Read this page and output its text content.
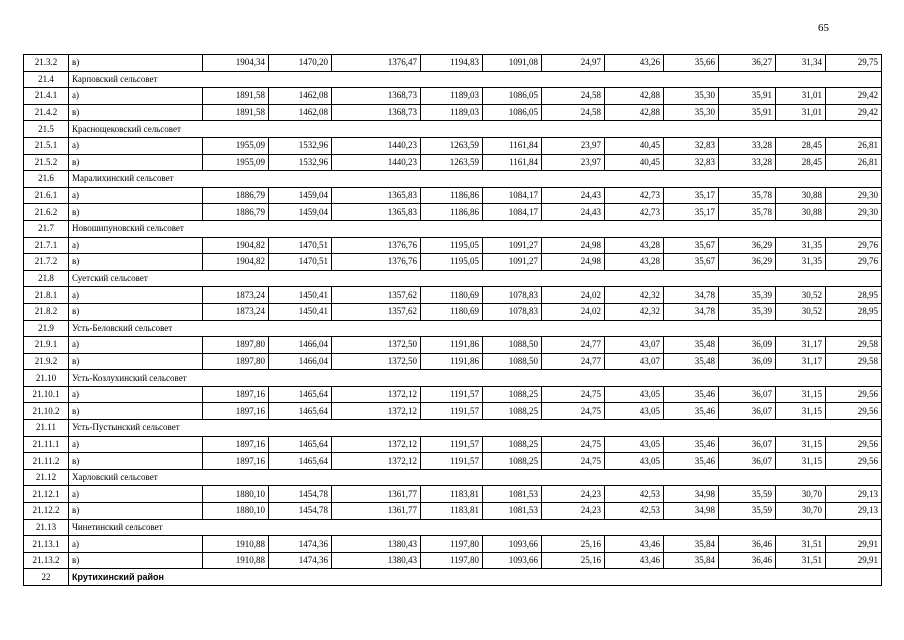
65
21.3.2	в)	1904,34	1470,20	1376,47	1194,83	1091,08	24,97	43,26	35,66	36,27	31,34	29,75
21.4	Карповский сельсовет											
21.4.1	а)	1891,58	1462,08	1368,73	1189,03	1086,05	24,58	42,88	35,30	35,91	31,01	29,42
21.4.2	в)	1891,58	1462,08	1368,73	1189,03	1086,05	24,58	42,88	35,30	35,91	31,01	29,42
21.5	Краснощековский сельсовет											
21.5.1	а)	1955,09	1532,96	1440,23	1263,59	1161,84	23,97	40,45	32,83	33,28	28,45	26,81
21.5.2	в)	1955,09	1532,96	1440,23	1263,59	1161,84	23,97	40,45	32,83	33,28	28,45	26,81
21.6	Маралихинский сельсовет											
21.6.1	а)	1886,79	1459,04	1365,83	1186,86	1084,17	24,43	42,73	35,17	35,78	30,88	29,30
21.6.2	в)	1886,79	1459,04	1365,83	1186,86	1084,17	24,43	42,73	35,17	35,78	30,88	29,30
21.7	Новошипуновский сельсовет											
21.7.1	а)	1904,82	1470,51	1376,76	1195,05	1091,27	24,98	43,28	35,67	36,29	31,35	29,76
21.7.2	в)	1904,82	1470,51	1376,76	1195,05	1091,27	24,98	43,28	35,67	36,29	31,35	29,76
21.8	Суетский сельсовет											
21.8.1	а)	1873,24	1450,41	1357,62	1180,69	1078,83	24,02	42,32	34,78	35,39	30,52	28,95
21.8.2	в)	1873,24	1450,41	1357,62	1180,69	1078,83	24,02	42,32	34,78	35,39	30,52	28,95
21.9	Усть-Беловский сельсовет											
21.9.1	а)	1897,80	1466,04	1372,50	1191,86	1088,50	24,77	43,07	35,48	36,09	31,17	29,58
21.9.2	в)	1897,80	1466,04	1372,50	1191,86	1088,50	24,77	43,07	35,48	36,09	31,17	29,58
21.10	Усть-Козлухинский сельсовет											
21.10.1	а)	1897,16	1465,64	1372,12	1191,57	1088,25	24,75	43,05	35,46	36,07	31,15	29,56
21.10.2	в)	1897,16	1465,64	1372,12	1191,57	1088,25	24,75	43,05	35,46	36,07	31,15	29,56
21.11	Усть-Пустынский сельсовет											
21.11.1	а)	1897,16	1465,64	1372,12	1191,57	1088,25	24,75	43,05	35,46	36,07	31,15	29,56
21.11.2	в)	1897,16	1465,64	1372,12	1191,57	1088,25	24,75	43,05	35,46	36,07	31,15	29,56
21.12	Харловский сельсовет											
21.12.1	а)	1880,10	1454,78	1361,77	1183,81	1081,53	24,23	42,53	34,98	35,59	30,70	29,13
21.12.2	в)	1880,10	1454,78	1361,77	1183,81	1081,53	24,23	42,53	34,98	35,59	30,70	29,13
21.13	Чинетинский сельсовет											
21.13.1	а)	1910,88	1474,36	1380,43	1197,80	1093,66	25,16	43,46	35,84	36,46	31,51	29,91
21.13.2	в)	1910,88	1474,36	1380,43	1197,80	1093,66	25,16	43,46	35,84	36,46	31,51	29,91
22	Крутихинский район											
